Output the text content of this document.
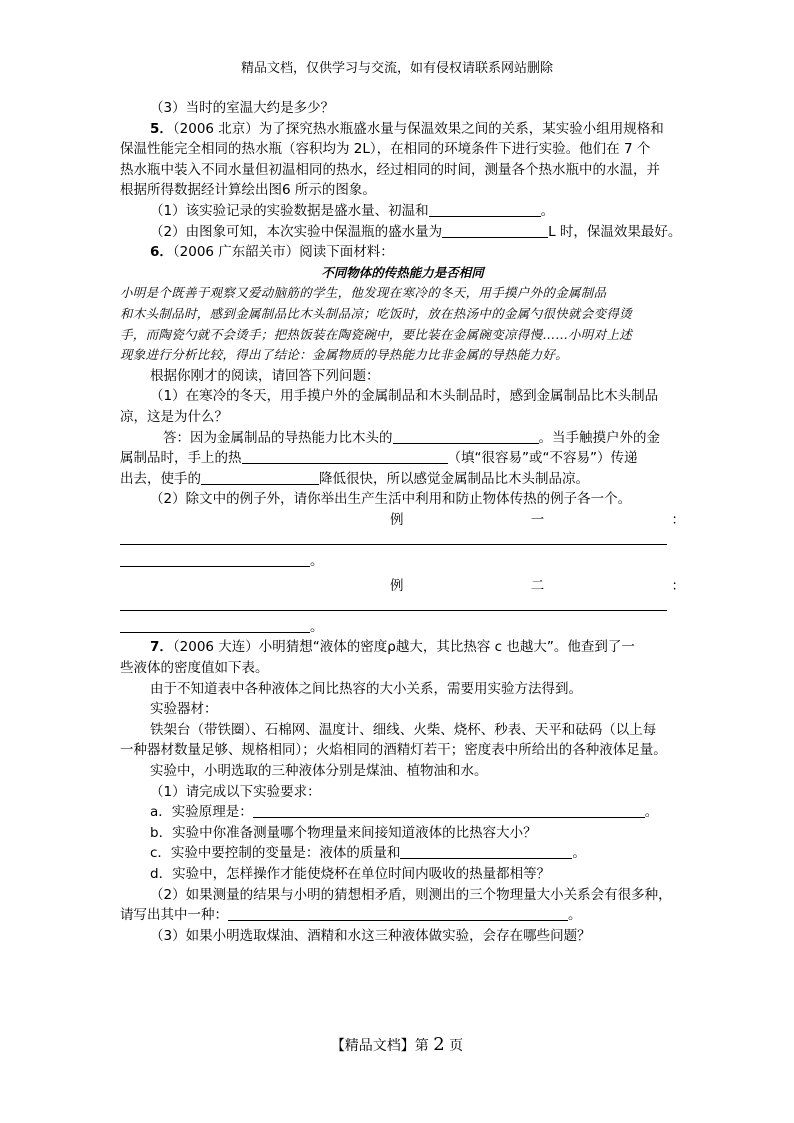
精品文档，仅供学习与交流，如有侵权请联系网站删除
（3）当时的室温大约是多少？
5．（2006 北京）为了探究热水瓶盛水量与保温效果之间的关系，某实验小组用规格和
保温性能完全相同的热水瓶（容积均为 2L），在相同的环境条件下进行实验。他们在 7 个
热水瓶中装入不同水量但初温相同的热水，经过相同的时间，测量各个热水瓶中的水温，并
根据所得数据经计算绘出图6 所示的图象。
（1）该实验记录的实验数据是盛水量、初温和	。
（2）由图象可知，本次实验中保温瓶的盛水量为	L 时，保温效果最好。
6．（2006 广东韶关市）阅读下面材料：
不同物体的传热能力是否相同
小明是个既善于观察又爱动脑筋的学生，他发现在寒冷的冬天，用手摸户外的金属制品
和木头制品时，感到金属制品比木头制品凉；吃饭时，放在热汤中的金属勺很快就会变得烫
手，而陶瓷勺就不会烫手；把热饭装在陶瓷碗中，要比装在金属碗变凉得慢……小明对上述
现象进行分析比较，得出了结论：金属物质的导热能力比非金属的导热能力好。
根据你刚才的阅读，请回答下列问题：
（1）在寒冷的冬天，用手摸户外的金属制品和木头制品时，感到金属制品比木头制品
凉，这是为什么？
答：因为金属制品的导热能力比木头的	。当手触摸户外的金
属制品时，手上的热	（填“很容易”或“不容易”）传递
出去，使手的	降低很快，所以感觉金属制品比木头制品凉。
（2）除文中的例子外，请你举出生产生活中利用和防止物体传热的例子各一个。
例	一	：
。
例	二	：
。
7．（2006 大连）小明猜想“液体的密度ρ越大，其比热容 c 也越大”。他查到了一
些液体的密度值如下表。
由于不知道表中各种液体之间比热容的大小关系，需要用实验方法得到。
实验器材：
铁架台（带铁圈）、石棉网、温度计、细线、火柴、烧杯、秒表、天平和砝码（以上每
一种器材数量足够、规格相同）；火焰相同的酒精灯若干；密度表中所给出的各种液体足量。
实验中，小明选取的三种液体分别是煤油、植物油和水。
（1）请完成以下实验要求：
a．实验原理是：	。
b．实验中你准备测量哪个物理量来间接知道液体的比热容大小？
c．实验中要控制的变量是：液体的质量和	。
d．实验中，怎样操作才能使烧杯在单位时间内吸收的热量都相等？
（2）如果测量的结果与小明的猜想相矛盾，则测出的三个物理量大小关系会有很多种，
请写出其中一种：	。
（3）如果小明选取煤油、酒精和水这三种液体做实验，会存在哪些问题？
【精品文档】第 2 页
